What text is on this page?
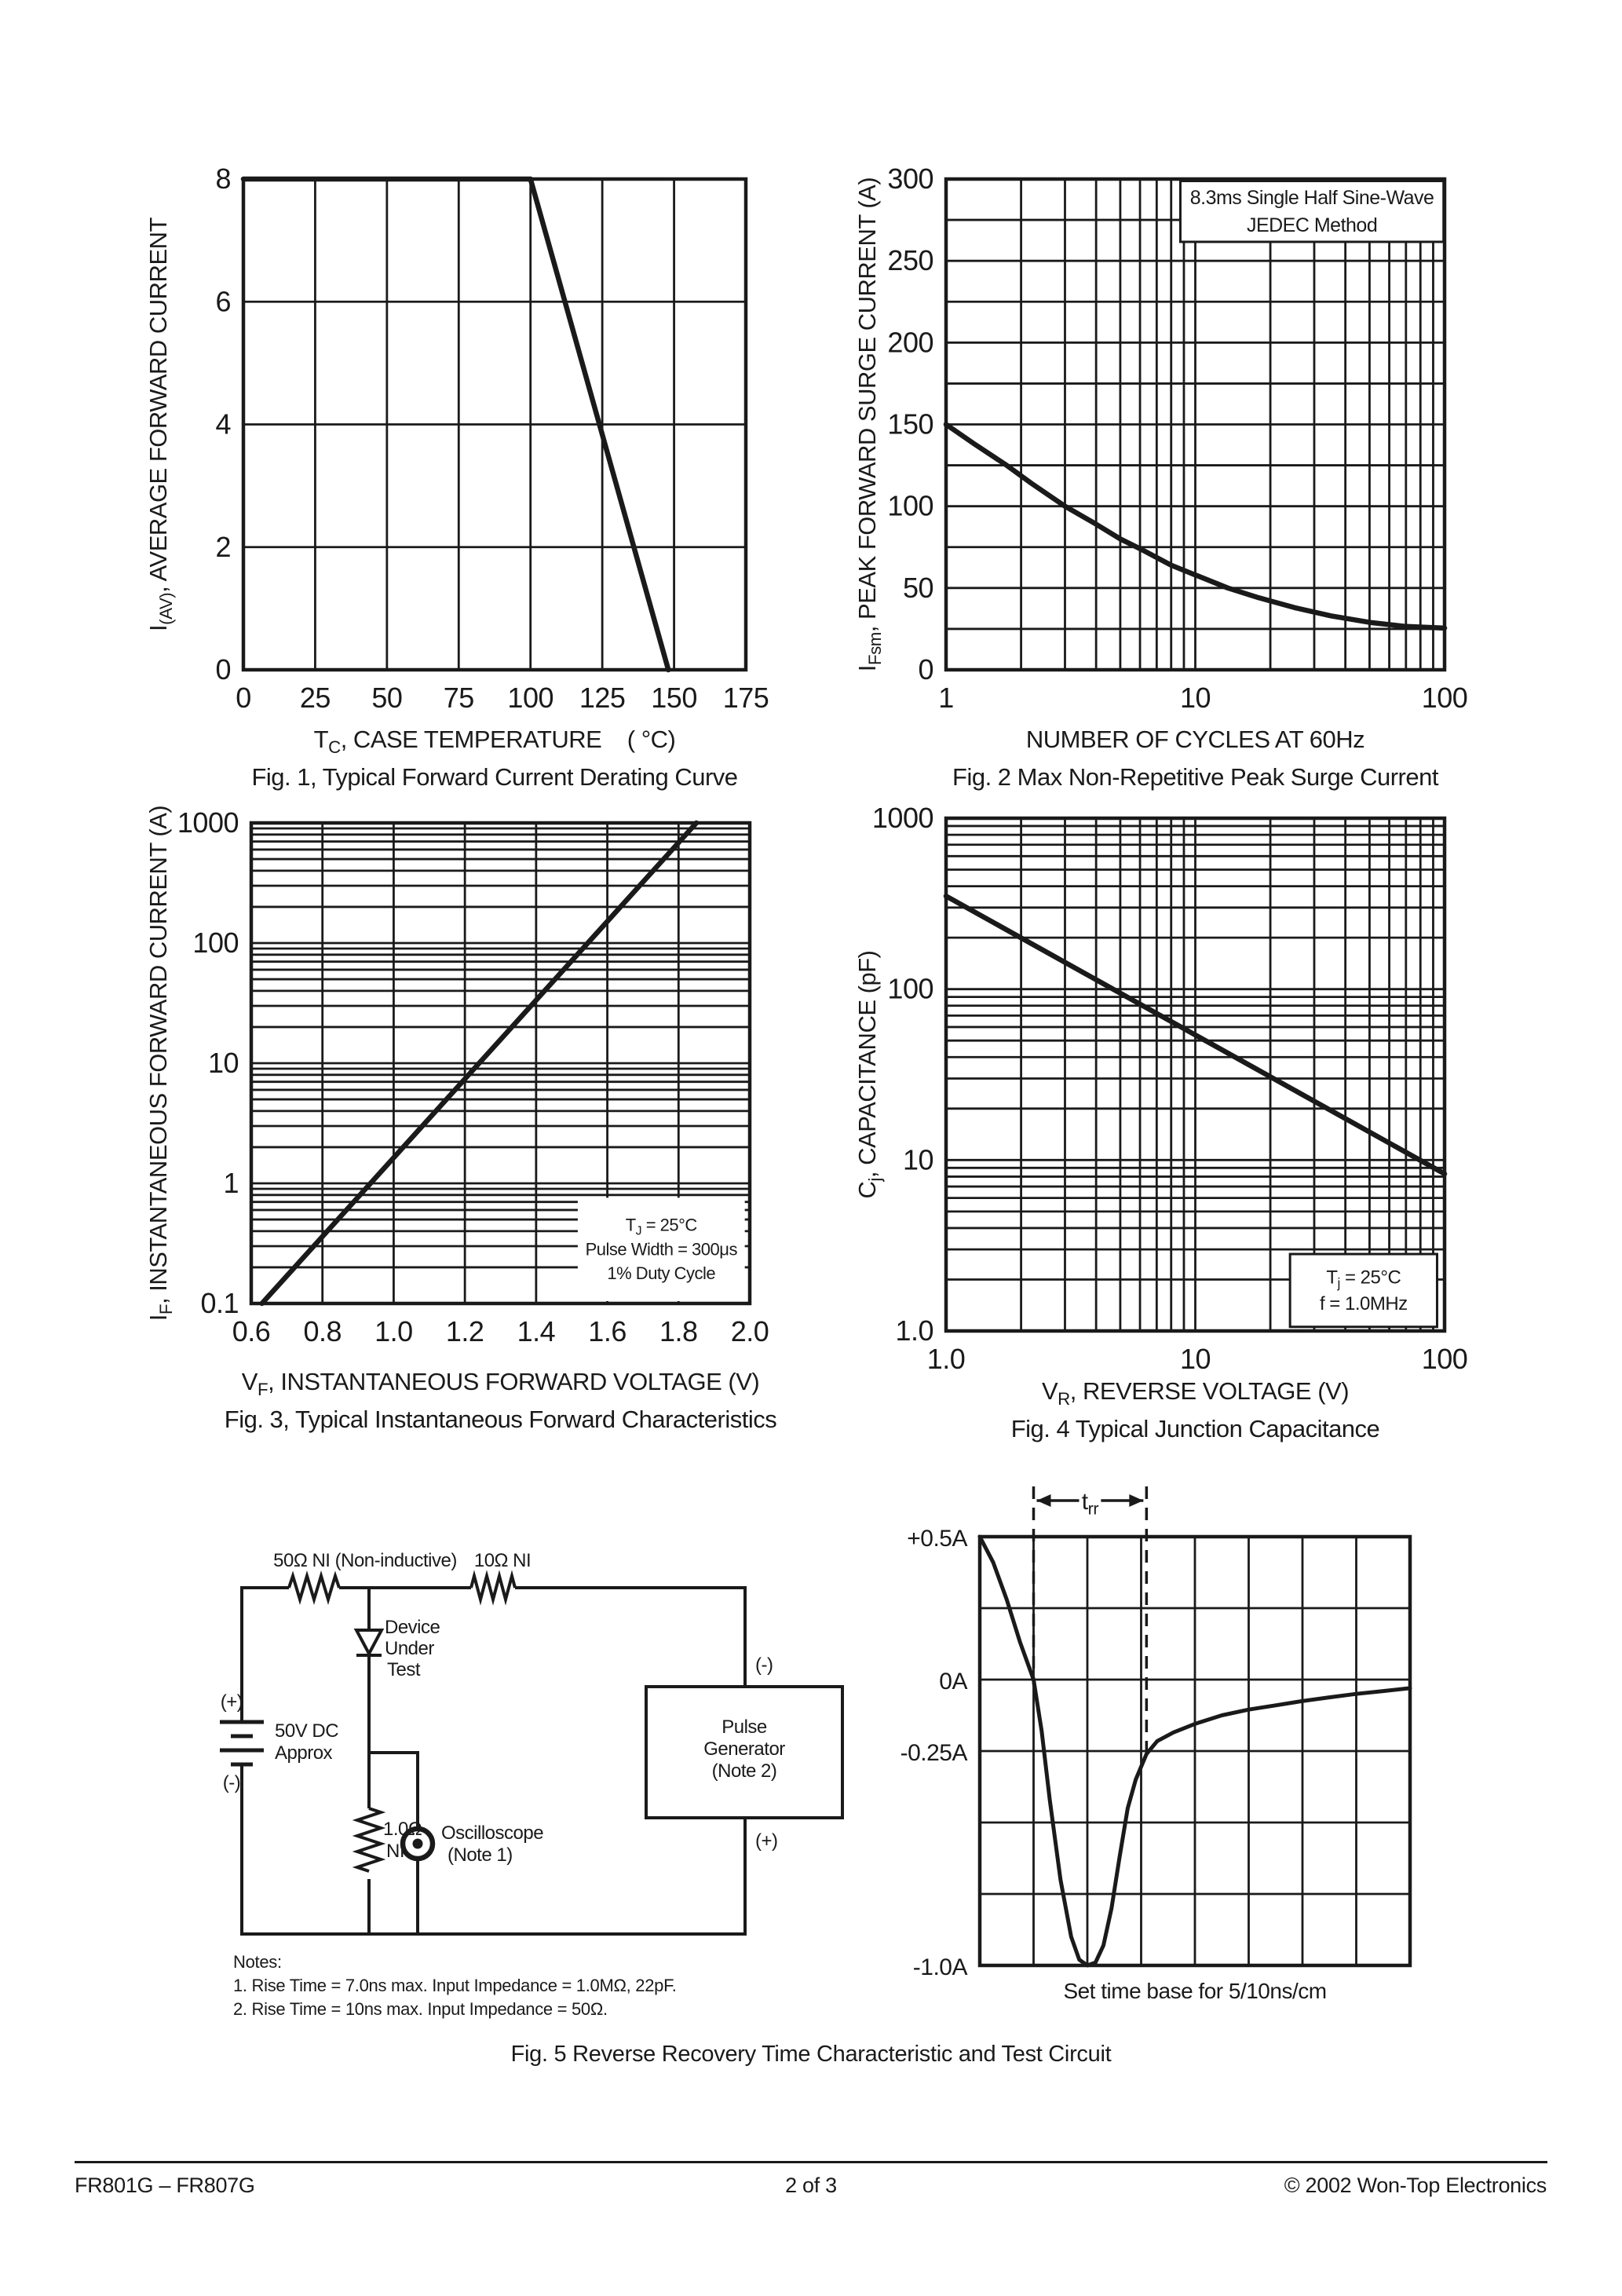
0 25 50 75 100 125 150 175
0
2
4
6
8
$T_C$, CASE TEMPERATURE    ( °C)
$I_{(AV)}$, AVERAGE FORWARD CURRENT
Fig. 1, Typical Forward Current Derating Curve
8.3ms Single Half Sine-Wave
JEDEC Method
1	10	100
0
50
100
150
200
250
300
NUMBER OF CYCLES AT 60Hz
$I_{Fsm}$, PEAK FORWARD SURGE CURRENT (A)
Fig. 2 Max Non-Repetitive Peak Surge Current
$T_J = 25^\circ C$
Pulse Width = 300μs
1% Duty Cycle
0.6 0.8 1.0 1.2 1.4 1.6 1.8 2.0
0.1
1
10
100
1000
$V_F$, INSTANTANEOUS FORWARD VOLTAGE (V)
$I_F$, INSTANTANEOUS FORWARD CURRENT (A)
Fig. 3, Typical Instantaneous Forward Characteristics
$T_j = 25^\circ C$
f = 1.0MHz
1.0	10	100
1.0
10
100
1000
$V_R$, REVERSE VOLTAGE (V)
$C_j$, CAPACITANCE (pF)
Fig. 4 Typical Junction Capacitance
+0.5A
0A
-0.25A
-1.0A
$t_{rr}$
Set time base for 5/10ns/cm
50Ω NI (Non-inductive) 10Ω NI
Device
Under
Test
(+)
(-)
50V DC
Approx
1.0Ω
NI
Oscilloscope
(Note 1)
Pulse
Generator
(Note 2)
(-)
(+)
Notes:
1. Rise Time = 7.0ns max. Input Impedance = 1.0MΩ, 22pF.
2. Rise Time = 10ns max. Input Impedance = 50Ω.
Fig. 5 Reverse Recovery Time Characteristic and Test Circuit
FR801G – FR807G	2 of 3	© 2002 Won-Top Electronics
